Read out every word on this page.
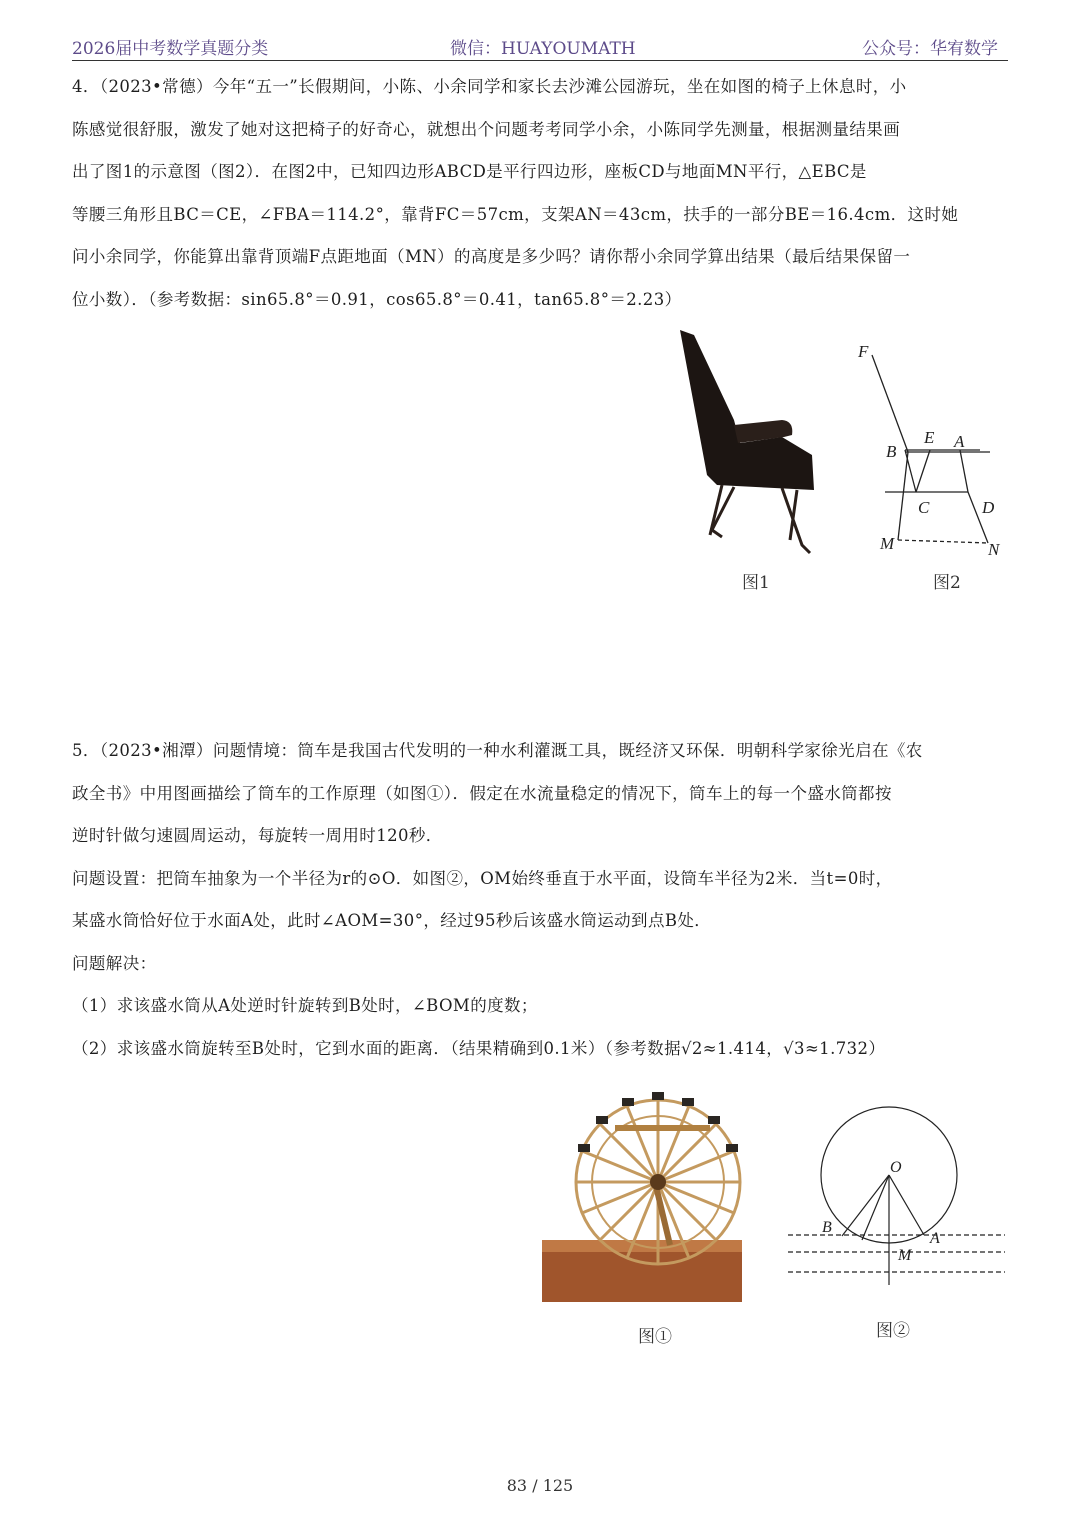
2026届中考数学真题分类	微信：HUAYOUMATH	公众号：华宥数学

4．（2023•常德）今年“五一”长假期间，小陈、小余同学和家长去沙滩公园游玩，坐在如图的椅子上休息时，小

陈感觉很舒服，激发了她对这把椅子的好奇心，就想出个问题考考同学小余，小陈同学先测量，根据测量结果画

出了图1的示意图（图2）．在图2中，已知四边形ABCD是平行四边形，座板CD与地面MN平行，△EBC是

等腰三角形且BC＝CE，∠FBA＝114.2°，靠背FC＝57cm，支架AN＝43cm，扶手的一部分BE＝16.4cm．这时她

问小余同学，你能算出靠背顶端F点距地面（MN）的高度是多少吗？请你帮小余同学算出结果（最后结果保留一

位小数）．（参考数据：sin65.8°＝0.91，cos65.8°＝0.41，tan65.8°＝2.23）

图1
F
E A
B
C	D
M	N
图2

5．（2023•湘潭）问题情境：筒车是我国古代发明的一种水利灌溉工具，既经济又环保．明朝科学家徐光启在《农

政全书》中用图画描绘了筒车的工作原理（如图①）．假定在水流量稳定的情况下，筒车上的每一个盛水筒都按

逆时针做匀速圆周运动，每旋转一周用时120秒．

问题设置：把筒车抽象为一个半径为r的⊙O．如图②，OM始终垂直于水平面，设筒车半径为2米．当t=0时，

某盛水筒恰好位于水面A处，此时∠AOM=30°，经过95秒后该盛水筒运动到点B处．

问题解决：

（1）求该盛水筒从A处逆时针旋转到B处时，∠BOM的度数；

（2）求该盛水筒旋转至B处时，它到水面的距离．（结果精确到0.1米）（参考数据√2≈1.414，√3≈1.732）

图①
O
B
A
M
图②
83 / 125
